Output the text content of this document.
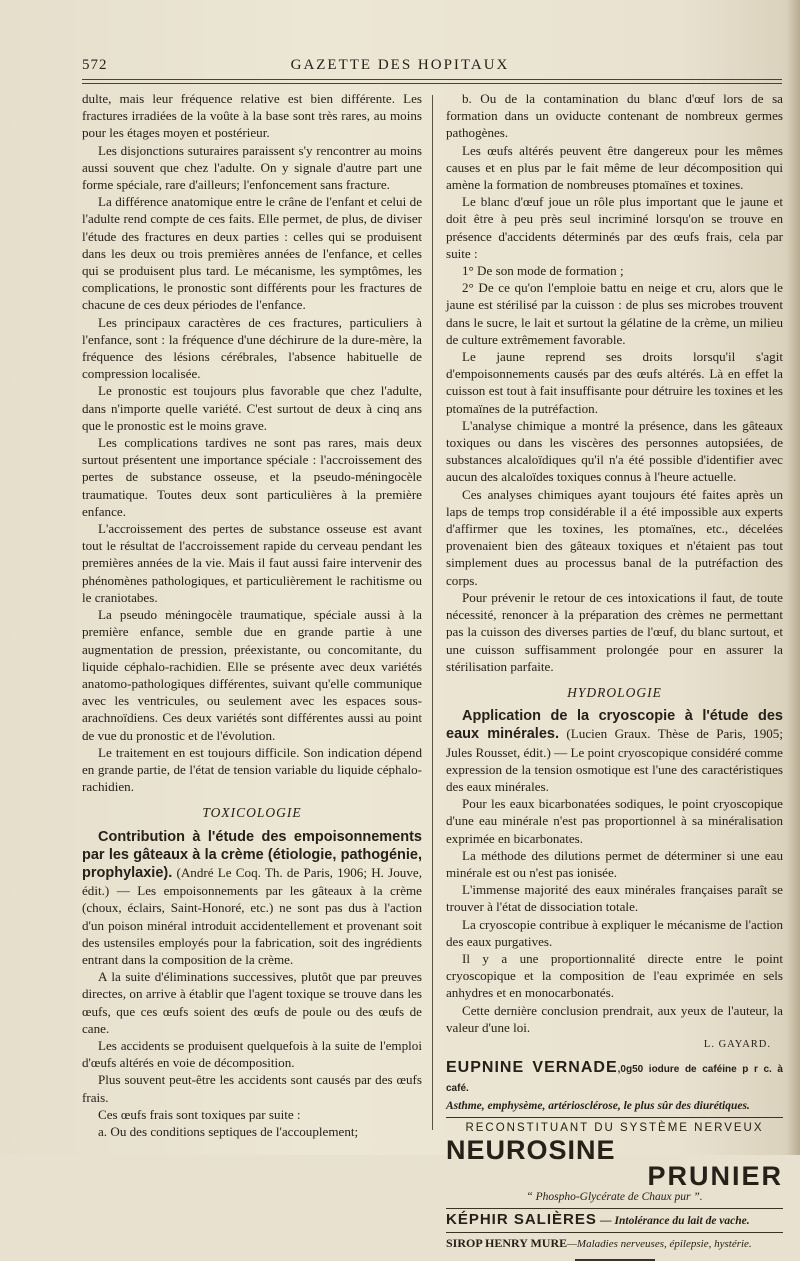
572	GAZETTE DES HOPITAUX

dulte, mais leur fréquence relative est bien différente. Les fractures irradiées de la voûte à la base sont très rares, au moins pour les étages moyen et postérieur.

Les disjonctions suturaires paraissent s'y rencontrer au moins aussi souvent que chez l'adulte. On y signale d'autre part une forme spéciale, rare d'ailleurs; l'enfoncement sans fracture.

La différence anatomique entre le crâne de l'enfant et celui de l'adulte rend compte de ces faits. Elle permet, de plus, de diviser l'étude des fractures en deux parties : celles qui se produisent dans les deux ou trois premières années de l'enfance, et celles qui se produisent plus tard. Le mécanisme, les symptômes, les complications, le pronostic sont différents pour les fractures de chacune de ces deux périodes de l'enfance.

Les principaux caractères de ces fractures, particuliers à l'enfance, sont : la fréquence d'une déchirure de la dure-mère, la fréquence des lésions cérébrales, l'absence habituelle de compression localisée.

Le pronostic est toujours plus favorable que chez l'adulte, dans n'importe quelle variété. C'est surtout de deux à cinq ans que le pronostic est le moins grave.

Les complications tardives ne sont pas rares, mais deux surtout présentent une importance spéciale : l'accroissement des pertes de substance osseuse, et la pseudo-méningocèle traumatique. Toutes deux sont particulières à la première enfance.

L'accroissement des pertes de substance osseuse est avant tout le résultat de l'accroissement rapide du cerveau pendant les premières années de la vie. Mais il faut aussi faire intervenir des phénomènes pathologiques, et particulièrement le rachitisme ou le craniotabes.

La pseudo méningocèle traumatique, spéciale aussi à la première enfance, semble due en grande partie à une augmentation de pression, préexistante, ou concomitante, du liquide céphalo-rachidien. Elle se présente avec deux variétés anatomo-pathologiques différentes, suivant qu'elle communique avec les ventricules, ou seulement avec les espaces sous-arachnoïdiens. Ces deux variétés sont différentes aussi au point de vue du pronostic et de l'évolution.

Le traitement en est toujours difficile. Son indication dépend en grande partie, de l'état de tension variable du liquide céphalo-rachidien.

TOXICOLOGIE

Contribution à l'étude des empoisonnements par les gâteaux à la crème (étiologie, pathogénie, prophylaxie). (André Le Coq. Th. de Paris, 1906; H. Jouve, édit.) — Les empoisonnements par les gâteaux à la crème (choux, éclairs, Saint-Honoré, etc.) ne sont pas dus à l'action d'un poison minéral introduit accidentellement et provenant soit des ustensiles employés pour la fabrication, soit des ingrédients entrant dans la composition de la crème.

A la suite d'éliminations successives, plutôt que par preuves directes, on arrive à établir que l'agent toxique se trouve dans les œufs, que ces œufs soient des œufs de poule ou des œufs de cane.

Les accidents se produisent quelquefois à la suite de l'emploi d'œufs altérés en voie de décomposition.

Plus souvent peut-être les accidents sont causés par des œufs frais.

Ces œufs frais sont toxiques par suite :

a. Ou des conditions septiques de l'accouplement;

b. Ou de la contamination du blanc d'œuf lors de sa formation dans un oviducte contenant de nombreux germes pathogènes.

Les œufs altérés peuvent être dangereux pour les mêmes causes et en plus par le fait même de leur décomposition qui amène la formation de nombreuses ptomaïnes et toxines.

Le blanc d'œuf joue un rôle plus important que le jaune et doit être à peu près seul incriminé lorsqu'on se trouve en présence d'accidents déterminés par des œufs frais, cela par suite :

1° De son mode de formation ;

2° De ce qu'on l'emploie battu en neige et cru, alors que le jaune est stérilisé par la cuisson : de plus ses microbes trouvent dans le sucre, le lait et surtout la gélatine de la crème, un milieu de culture extrêmement favorable.

Le jaune reprend ses droits lorsqu'il s'agit d'empoisonnements causés par des œufs altérés. Là en effet la cuisson est tout à fait insuffisante pour détruire les toxines et les ptomaïnes de la putréfaction.

L'analyse chimique a montré la présence, dans les gâteaux toxiques ou dans les viscères des personnes autopsiées, de substances alcaloïdiques qu'il n'a été possible d'identifier avec aucun des alcaloïdes toxiques connus à l'heure actuelle.

Ces analyses chimiques ayant toujours été faites après un laps de temps trop considérable il a été impossible aux experts d'affirmer que les toxines, les ptomaïnes, etc., décelées provenaient bien des gâteaux toxiques et n'étaient pas tout simplement dues au processus banal de la putréfaction des corps.

Pour prévenir le retour de ces intoxications il faut, de toute nécessité, renoncer à la préparation des crèmes ne permettant pas la cuisson des diverses parties de l'œuf, du blanc surtout, et une cuisson suffisamment prolongée pour en assurer la stérilisation parfaite.

HYDROLOGIE

Application de la cryoscopie à l'étude des eaux minérales. (Lucien Graux. Thèse de Paris, 1905; Jules Rousset, édit.) — Le point cryoscopique considéré comme expression de la tension osmotique est l'une des caractéristiques des eaux minérales.

Pour les eaux bicarbonatées sodiques, le point cryoscopique d'une eau minérale n'est pas proportionnel à sa minéralisation exprimée en bicarbonates.

La méthode des dilutions permet de déterminer si une eau minérale est ou n'est pas ionisée.

L'immense majorité des eaux minérales françaises paraît se trouver à l'état de dissociation totale.

La cryoscopie contribue à expliquer le mécanisme de l'action des eaux purgatives.

Il y a une proportionnalité directe entre le point cryoscopique et la composition de l'eau exprimée en sels anhydres et en monocarbonatés.

Cette dernière conclusion prendrait, aux yeux de l'auteur, la valeur d'une loi.

L. GAYARD.
EUPNINE VERNADE,0g50 iodure de caféine p r c. à café.
Asthme, emphysème, artériosclérose, le plus sûr des diurétiques.
RECONSTITUANT DU SYSTÈME NERVEUX
NEUROSINE
PRUNIER
“ Phospho-Glycérate de Chaux pur ”.
KÉPHIR SALIÈRES — Intolérance du lait de vache.
SIROP HENRY MURE—Maladies nerveuses, épilepsie, hystérie.
